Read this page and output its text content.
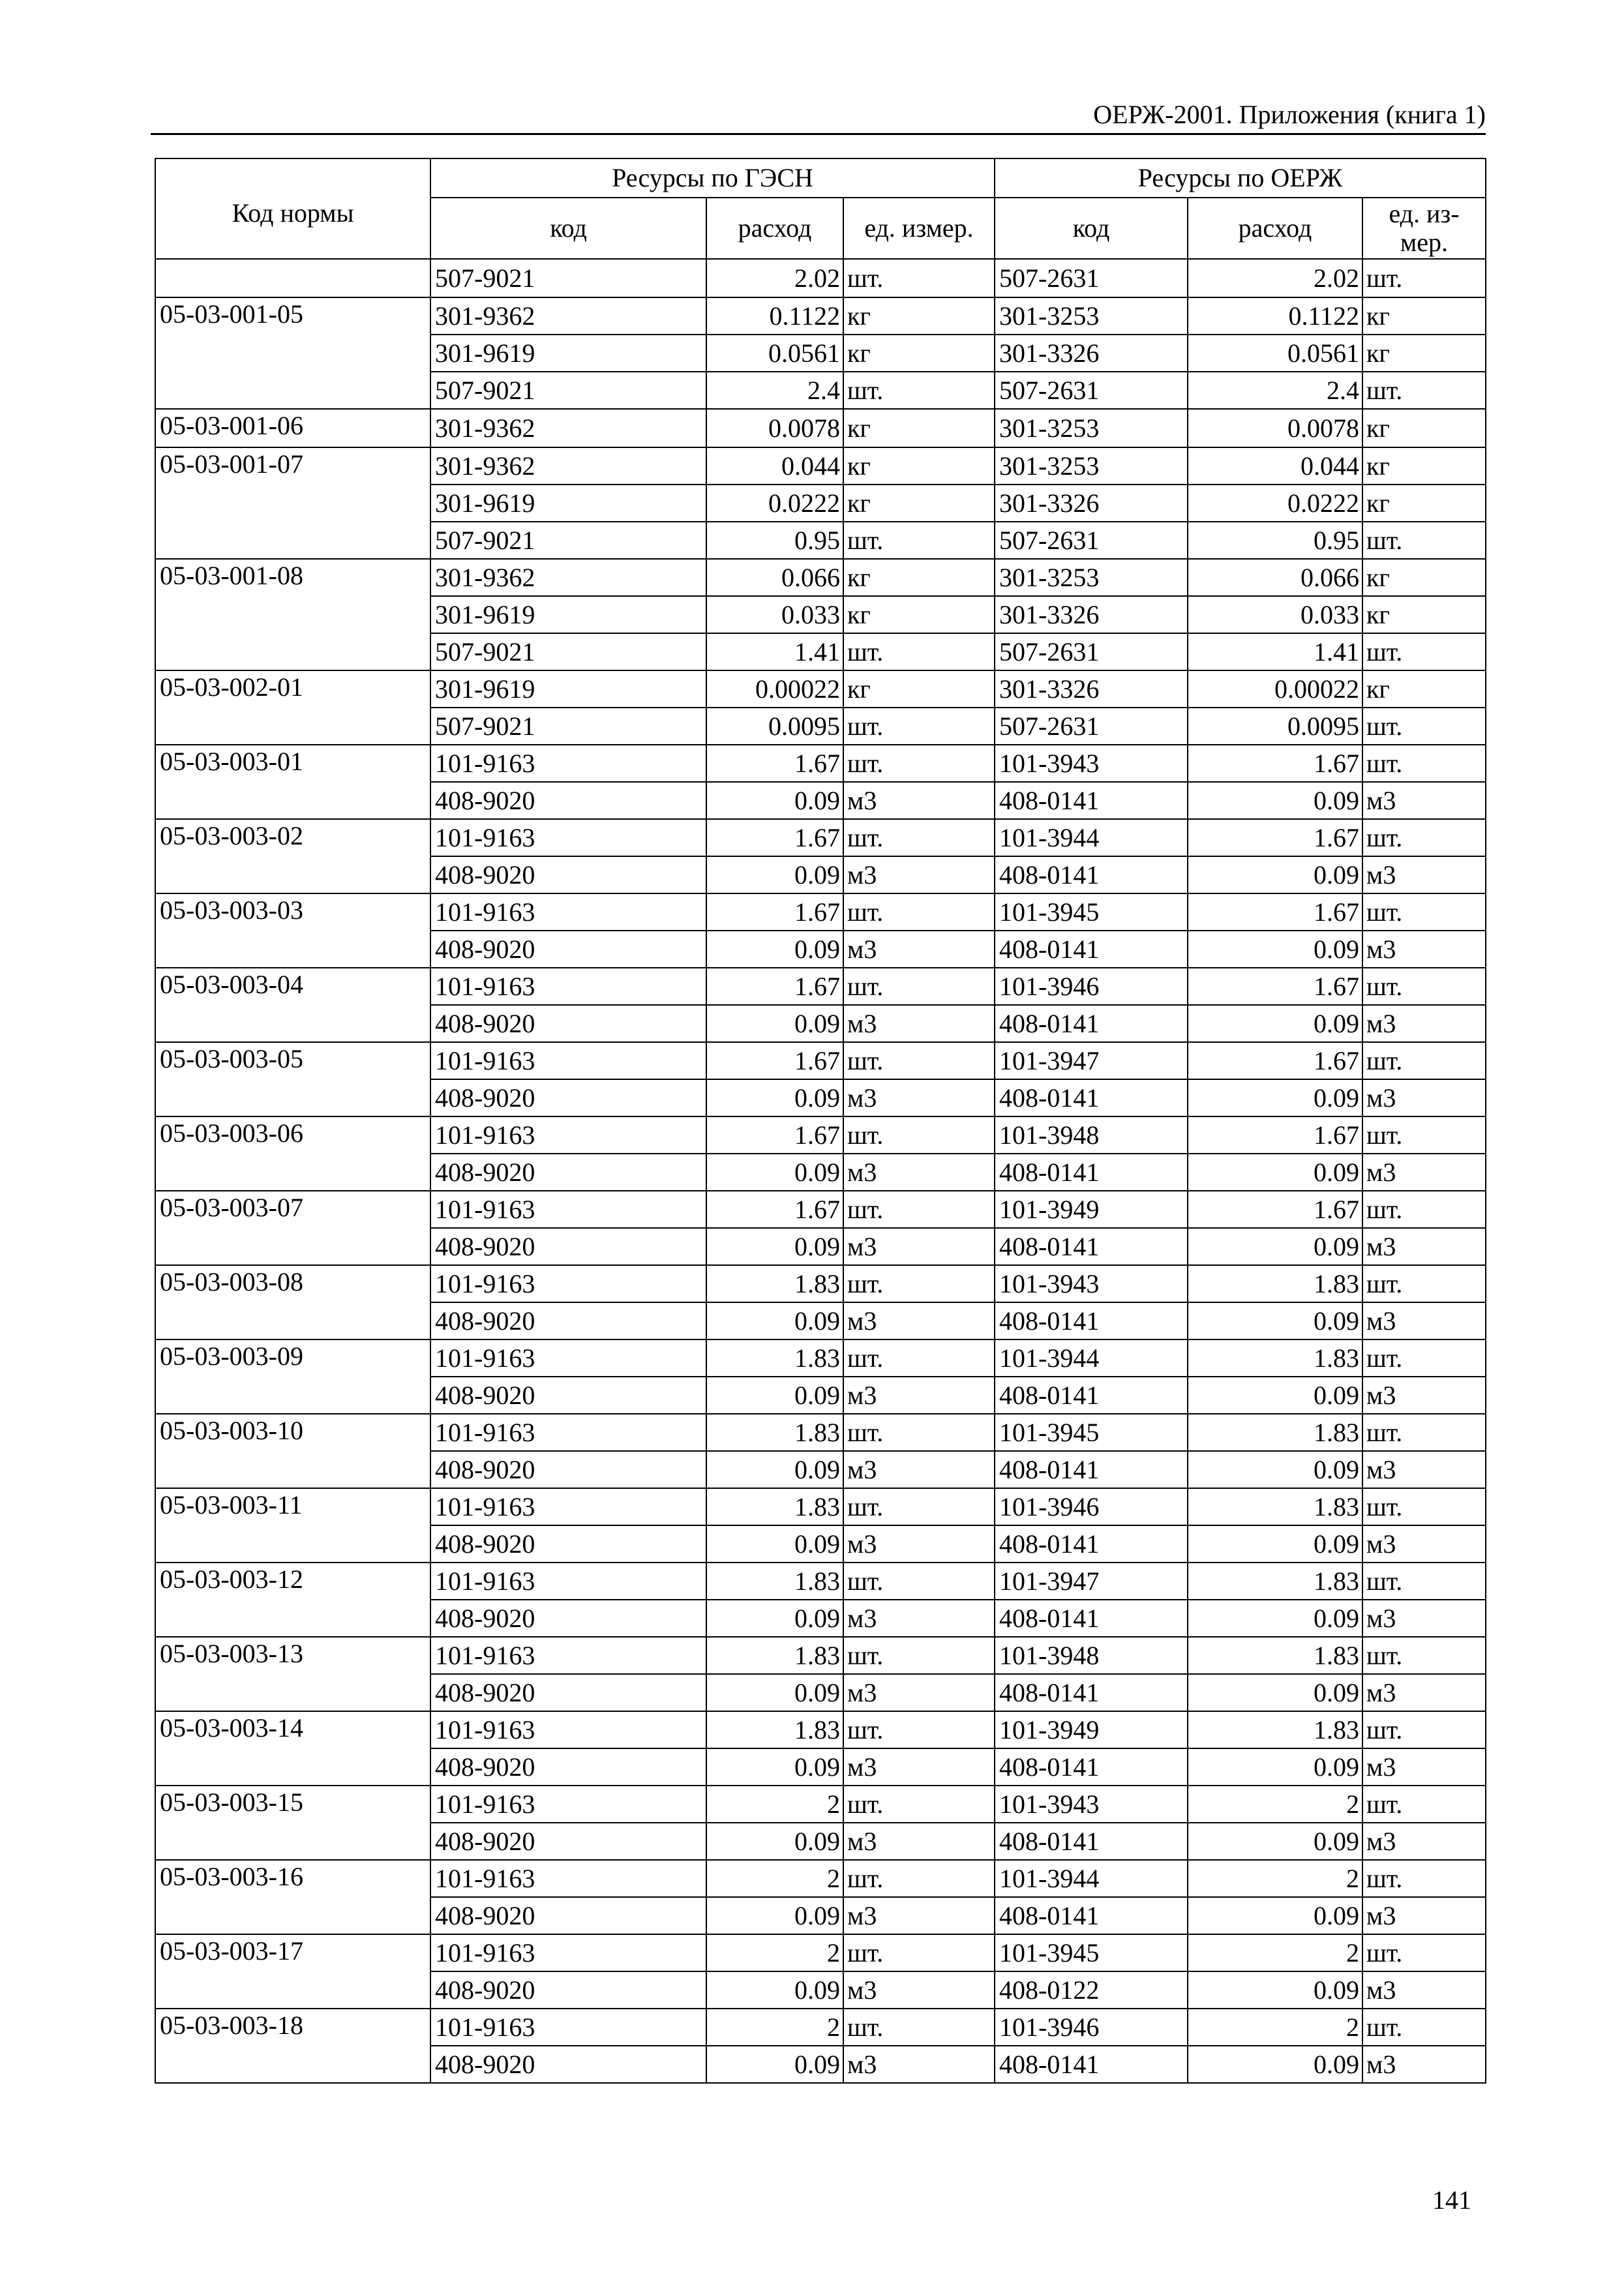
ОЕРЖ-2001. Приложения (книга 1)
Код нормы	Ресурсы по ГЭСН			Ресурсы по ОЕРЖ		
	код	расход	ед. измер.	код	расход	ед. из-
мер.
	507-9021	2.02	шт.	507-2631	2.02	шт.
05-03-001-05	301-9362	0.1122	кг	301-3253	0.1122	кг
	301-9619	0.0561	кг	301-3326	0.0561	кг
	507-9021	2.4	шт.	507-2631	2.4	шт.
05-03-001-06	301-9362	0.0078	кг	301-3253	0.0078	кг
05-03-001-07	301-9362	0.044	кг	301-3253	0.044	кг
	301-9619	0.0222	кг	301-3326	0.0222	кг
	507-9021	0.95	шт.	507-2631	0.95	шт.
05-03-001-08	301-9362	0.066	кг	301-3253	0.066	кг
	301-9619	0.033	кг	301-3326	0.033	кг
	507-9021	1.41	шт.	507-2631	1.41	шт.
05-03-002-01	301-9619	0.00022	кг	301-3326	0.00022	кг
	507-9021	0.0095	шт.	507-2631	0.0095	шт.
05-03-003-01	101-9163	1.67	шт.	101-3943	1.67	шт.
	408-9020	0.09	м3	408-0141	0.09	м3
05-03-003-02	101-9163	1.67	шт.	101-3944	1.67	шт.
	408-9020	0.09	м3	408-0141	0.09	м3
05-03-003-03	101-9163	1.67	шт.	101-3945	1.67	шт.
	408-9020	0.09	м3	408-0141	0.09	м3
05-03-003-04	101-9163	1.67	шт.	101-3946	1.67	шт.
	408-9020	0.09	м3	408-0141	0.09	м3
05-03-003-05	101-9163	1.67	шт.	101-3947	1.67	шт.
	408-9020	0.09	м3	408-0141	0.09	м3
05-03-003-06	101-9163	1.67	шт.	101-3948	1.67	шт.
	408-9020	0.09	м3	408-0141	0.09	м3
05-03-003-07	101-9163	1.67	шт.	101-3949	1.67	шт.
	408-9020	0.09	м3	408-0141	0.09	м3
05-03-003-08	101-9163	1.83	шт.	101-3943	1.83	шт.
	408-9020	0.09	м3	408-0141	0.09	м3
05-03-003-09	101-9163	1.83	шт.	101-3944	1.83	шт.
	408-9020	0.09	м3	408-0141	0.09	м3
05-03-003-10	101-9163	1.83	шт.	101-3945	1.83	шт.
	408-9020	0.09	м3	408-0141	0.09	м3
05-03-003-11	101-9163	1.83	шт.	101-3946	1.83	шт.
	408-9020	0.09	м3	408-0141	0.09	м3
05-03-003-12	101-9163	1.83	шт.	101-3947	1.83	шт.
	408-9020	0.09	м3	408-0141	0.09	м3
05-03-003-13	101-9163	1.83	шт.	101-3948	1.83	шт.
	408-9020	0.09	м3	408-0141	0.09	м3
05-03-003-14	101-9163	1.83	шт.	101-3949	1.83	шт.
	408-9020	0.09	м3	408-0141	0.09	м3
05-03-003-15	101-9163	2	шт.	101-3943	2	шт.
	408-9020	0.09	м3	408-0141	0.09	м3
05-03-003-16	101-9163	2	шт.	101-3944	2	шт.
	408-9020	0.09	м3	408-0141	0.09	м3
05-03-003-17	101-9163	2	шт.	101-3945	2	шт.
	408-9020	0.09	м3	408-0122	0.09	м3
05-03-003-18	101-9163	2	шт.	101-3946	2	шт.
	408-9020	0.09	м3	408-0141	0.09	м3
141
